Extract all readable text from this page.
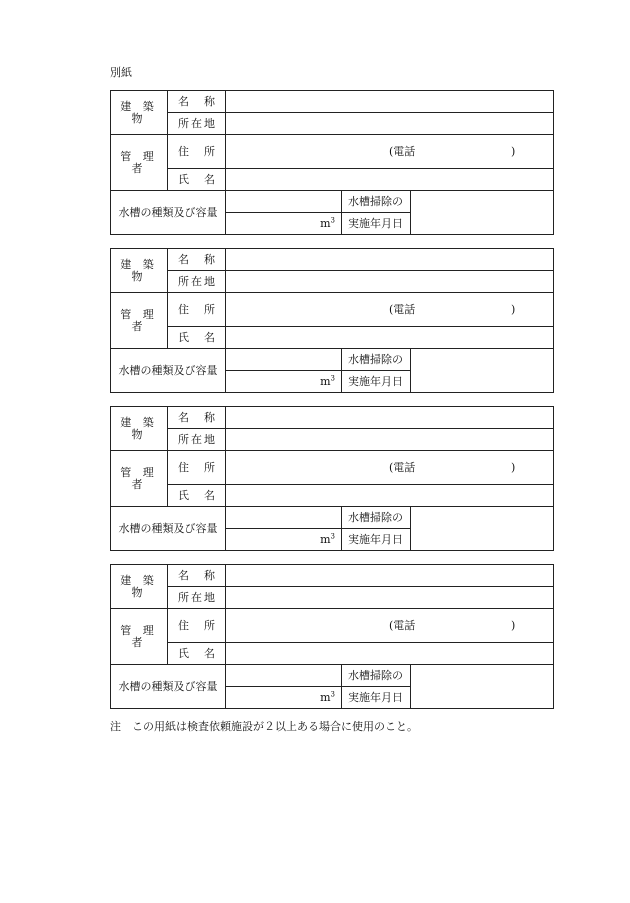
別紙
建 築 物	名 称			

	所 在 地			

管 理 者	住 所	(電話 )		

	氏 名			

水槽の種類及び容量			水槽掃除の	
		$m^3$	実施年月日	
建 築 物	名 称			

	所 在 地			

管 理 者	住 所	(電話 )		

	氏 名			

水槽の種類及び容量			水槽掃除の	
		$m^3$	実施年月日	
建 築 物	名 称			

	所 在 地			

管 理 者	住 所	(電話 )		

	氏 名			

水槽の種類及び容量			水槽掃除の	
		$m^3$	実施年月日	
建 築 物	名 称			

	所 在 地			

管 理 者	住 所	(電話 )		

	氏 名			

水槽の種類及び容量			水槽掃除の	
		$m^3$	実施年月日	
注　この用紙は検査依頼施設が２以上ある場合に使用のこと。
